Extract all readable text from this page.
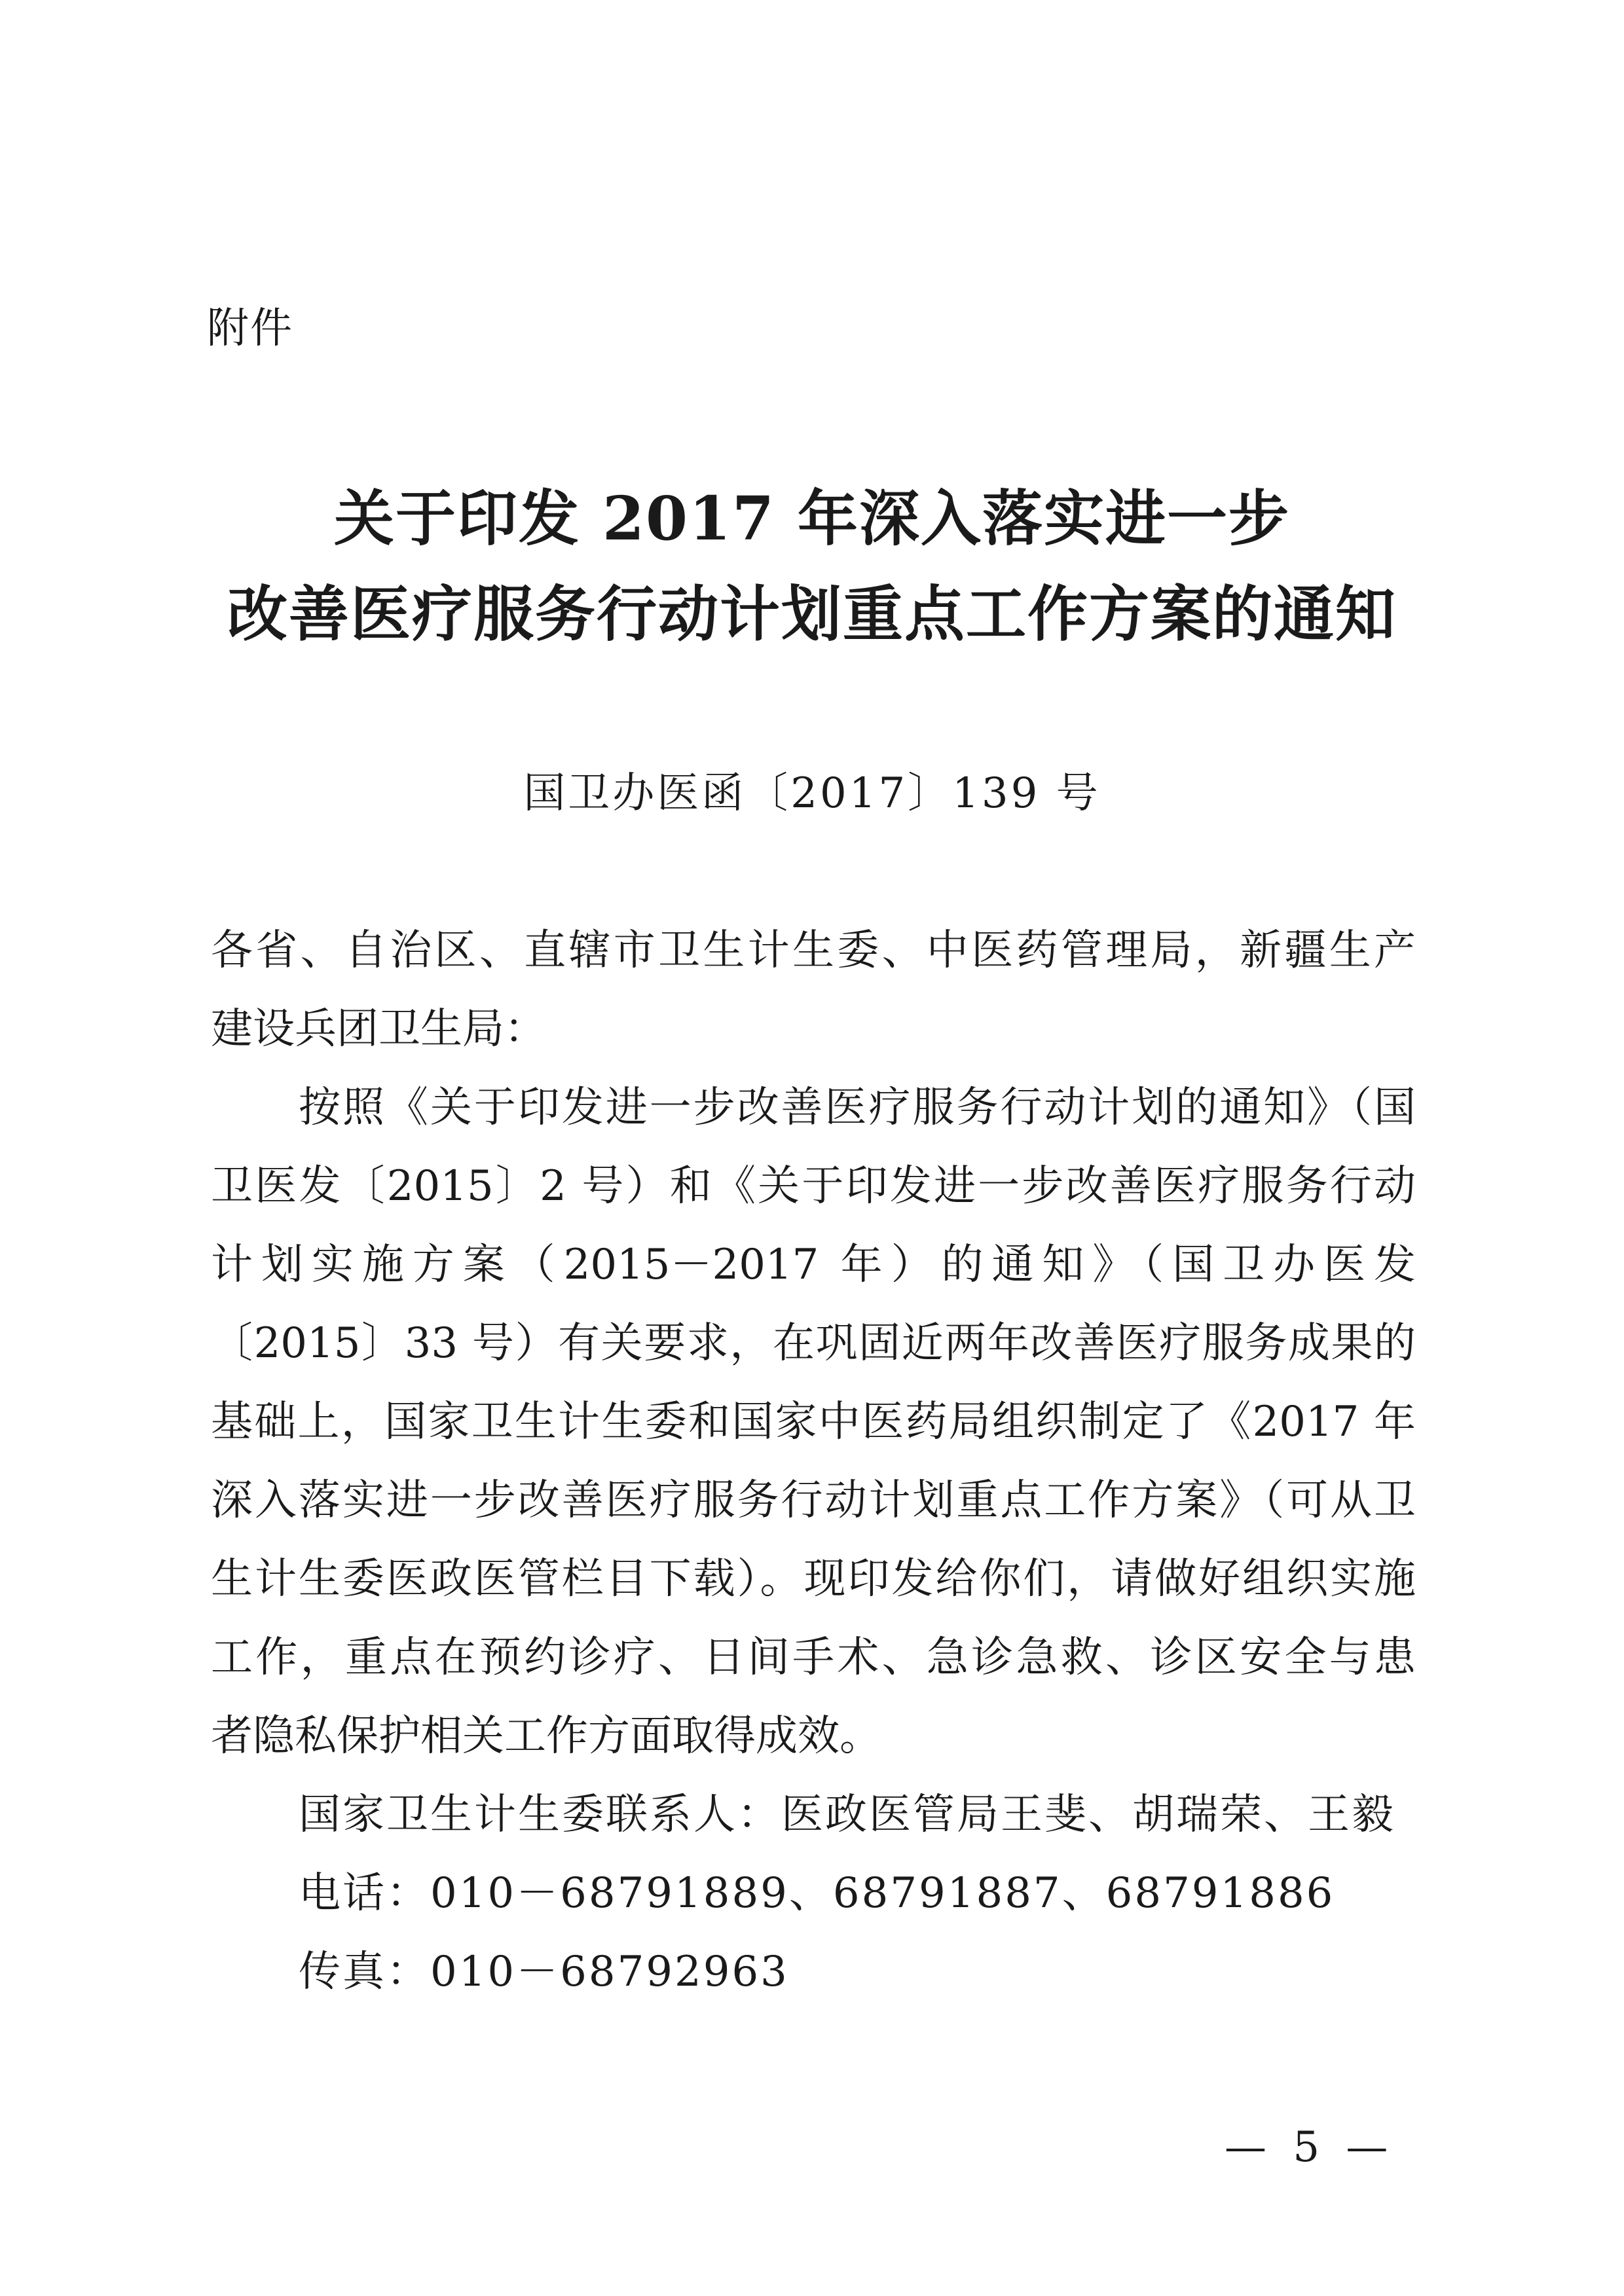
附件
关于印发 2017 年深入落实进一步
改善医疗服务行动计划重点工作方案的通知
国卫办医函〔2017〕139 号
各省、自治区、直辖市卫生计生委、中医药管理局，新疆生产
建设兵团卫生局：
按照《关于印发进一步改善医疗服务行动计划的通知》（国
卫医发〔2015〕2 号）和《关于印发进一步改善医疗服务行动
计划实施方案（2015－2017 年）的通知》（国卫办医发
〔2015〕33 号）有关要求，在巩固近两年改善医疗服务成果的
基础上，国家卫生计生委和国家中医药局组织制定了《2017 年
深入落实进一步改善医疗服务行动计划重点工作方案》（可从卫
生计生委医政医管栏目下载）。现印发给你们，请做好组织实施
工作，重点在预约诊疗、日间手术、急诊急救、诊区安全与患
者隐私保护相关工作方面取得成效。
国家卫生计生委联系人：医政医管局王斐、胡瑞荣、王毅
电话：010－68791889、68791887、68791886
传真：010－68792963
— 5 —
